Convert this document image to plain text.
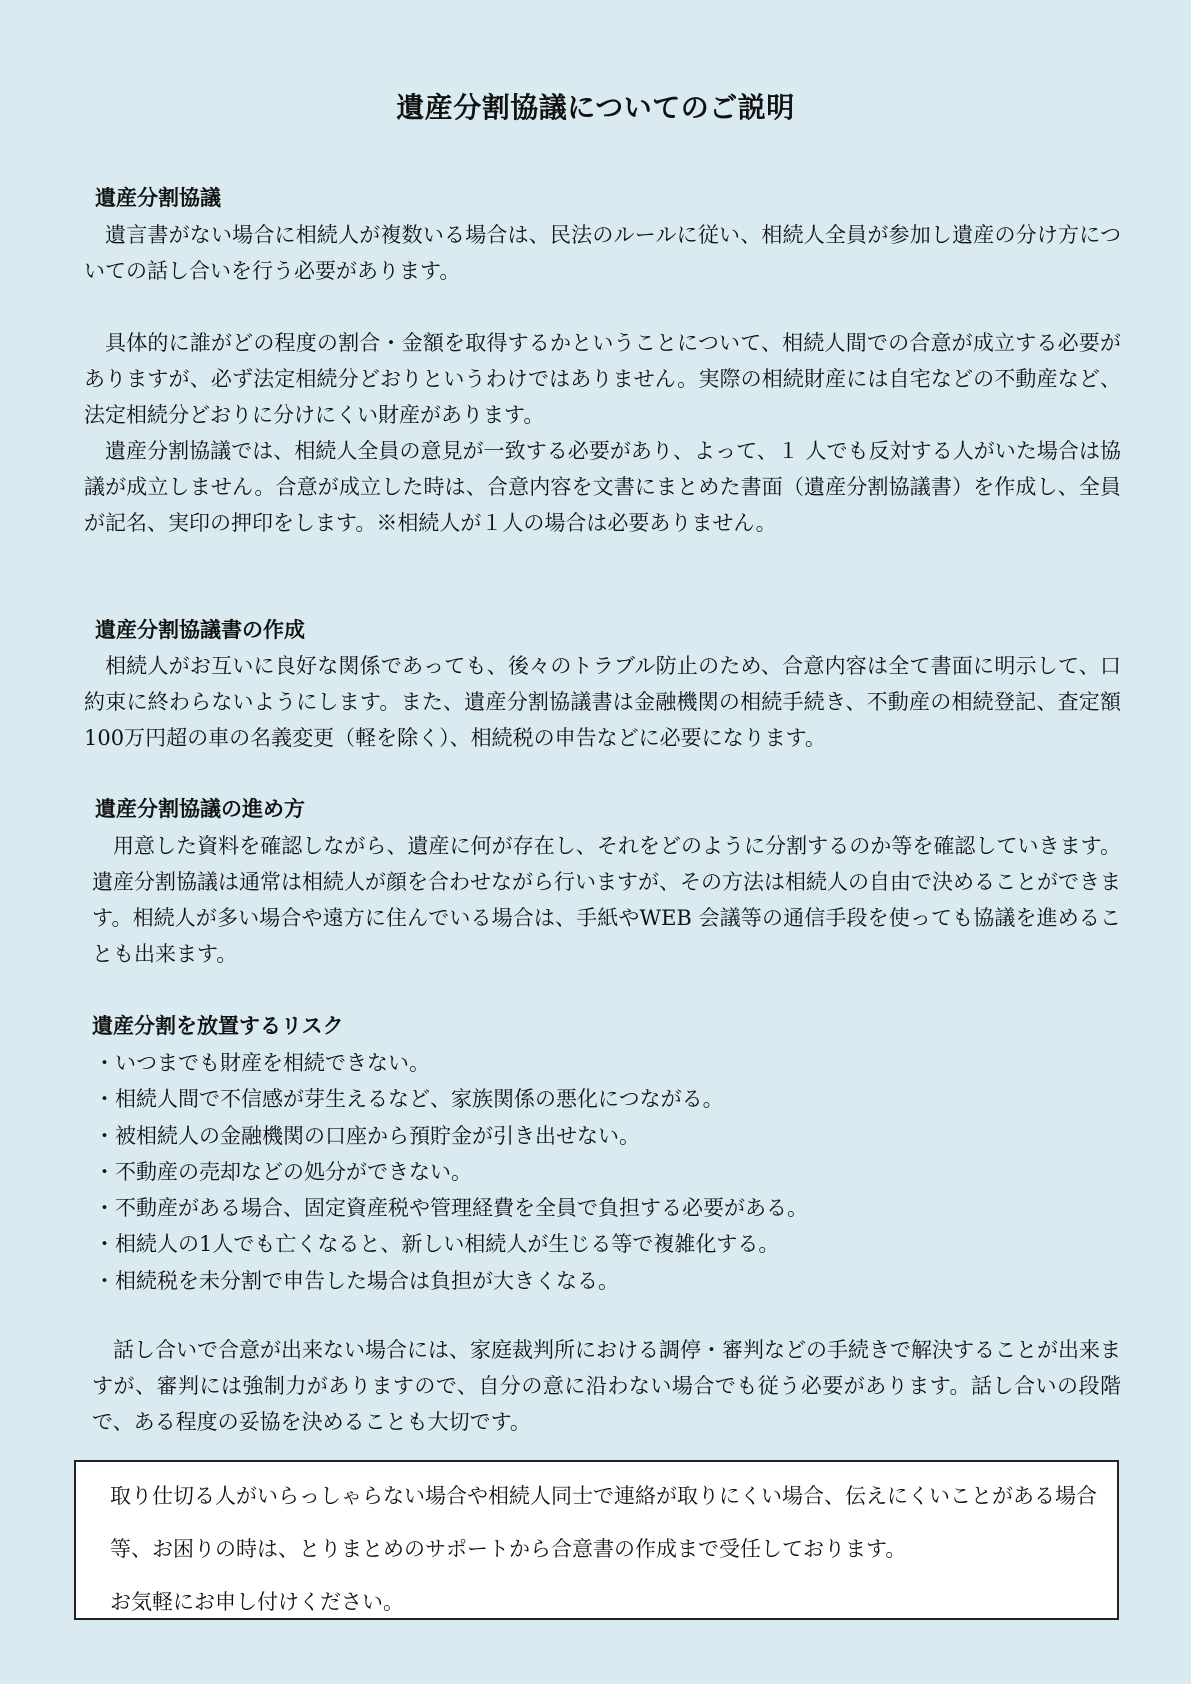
遺産分割協議についてのご説明
遺産分割協議

遺言書がない場合に相続人が複数いる場合は、民法のルールに従い、相続人全員が参加し遺産の分け方についての話し合いを行う必要があります。

具体的に誰がどの程度の割合・金額を取得するかということについて、相続人間での合意が成立する必要がありますが、必ず法定相続分どおりというわけではありません。実際の相続財産には自宅などの不動産など、法定相続分どおりに分けにくい財産があります。

遺産分割協議では、相続人全員の意見が一致する必要があり、よって、１ 人でも反対する人がいた場合は協議が成立しません。合意が成立した時は、合意内容を文書にまとめた書面（遺産分割協議書）を作成し、全員が記名、実印の押印をします。※相続人が１人の場合は必要ありません。

遺産分割協議書の作成

相続人がお互いに良好な関係であっても、後々のトラブル防止のため、合意内容は全て書面に明示して、口約束に終わらないようにします。また、遺産分割協議書は金融機関の相続手続き、不動産の相続登記、査定額100万円超の車の名義変更（軽を除く）、相続税の申告などに必要になります。

遺産分割協議の進め方

用意した資料を確認しながら、遺産に何が存在し、それをどのように分割するのか等を確認していきます。遺産分割協議は通常は相続人が顔を合わせながら行いますが、その方法は相続人の自由で決めることができます。相続人が多い場合や遠方に住んでいる場合は、手紙やWEB 会議等の通信手段を使っても協議を進めることも出来ます。

遺産分割を放置するリスク
・いつまでも財産を相続できない。
・相続人間で不信感が芽生えるなど、家族関係の悪化につながる。
・被相続人の金融機関の口座から預貯金が引き出せない。
・不動産の売却などの処分ができない。
・不動産がある場合、固定資産税や管理経費を全員で負担する必要がある。
・相続人の1人でも亡くなると、新しい相続人が生じる等で複雑化する。
・相続税を未分割で申告した場合は負担が大きくなる。

話し合いで合意が出来ない場合には、家庭裁判所における調停・審判などの手続きで解決することが出来ますが、審判には強制力がありますので、自分の意に沿わない場合でも従う必要があります。話し合いの段階で、ある程度の妥協を決めることも大切です。

取り仕切る人がいらっしゃらない場合や相続人同士で連絡が取りにくい場合、伝えにくいことがある場合等、お困りの時は、とりまとめのサポートから合意書の作成まで受任しております。
お気軽にお申し付けください。
